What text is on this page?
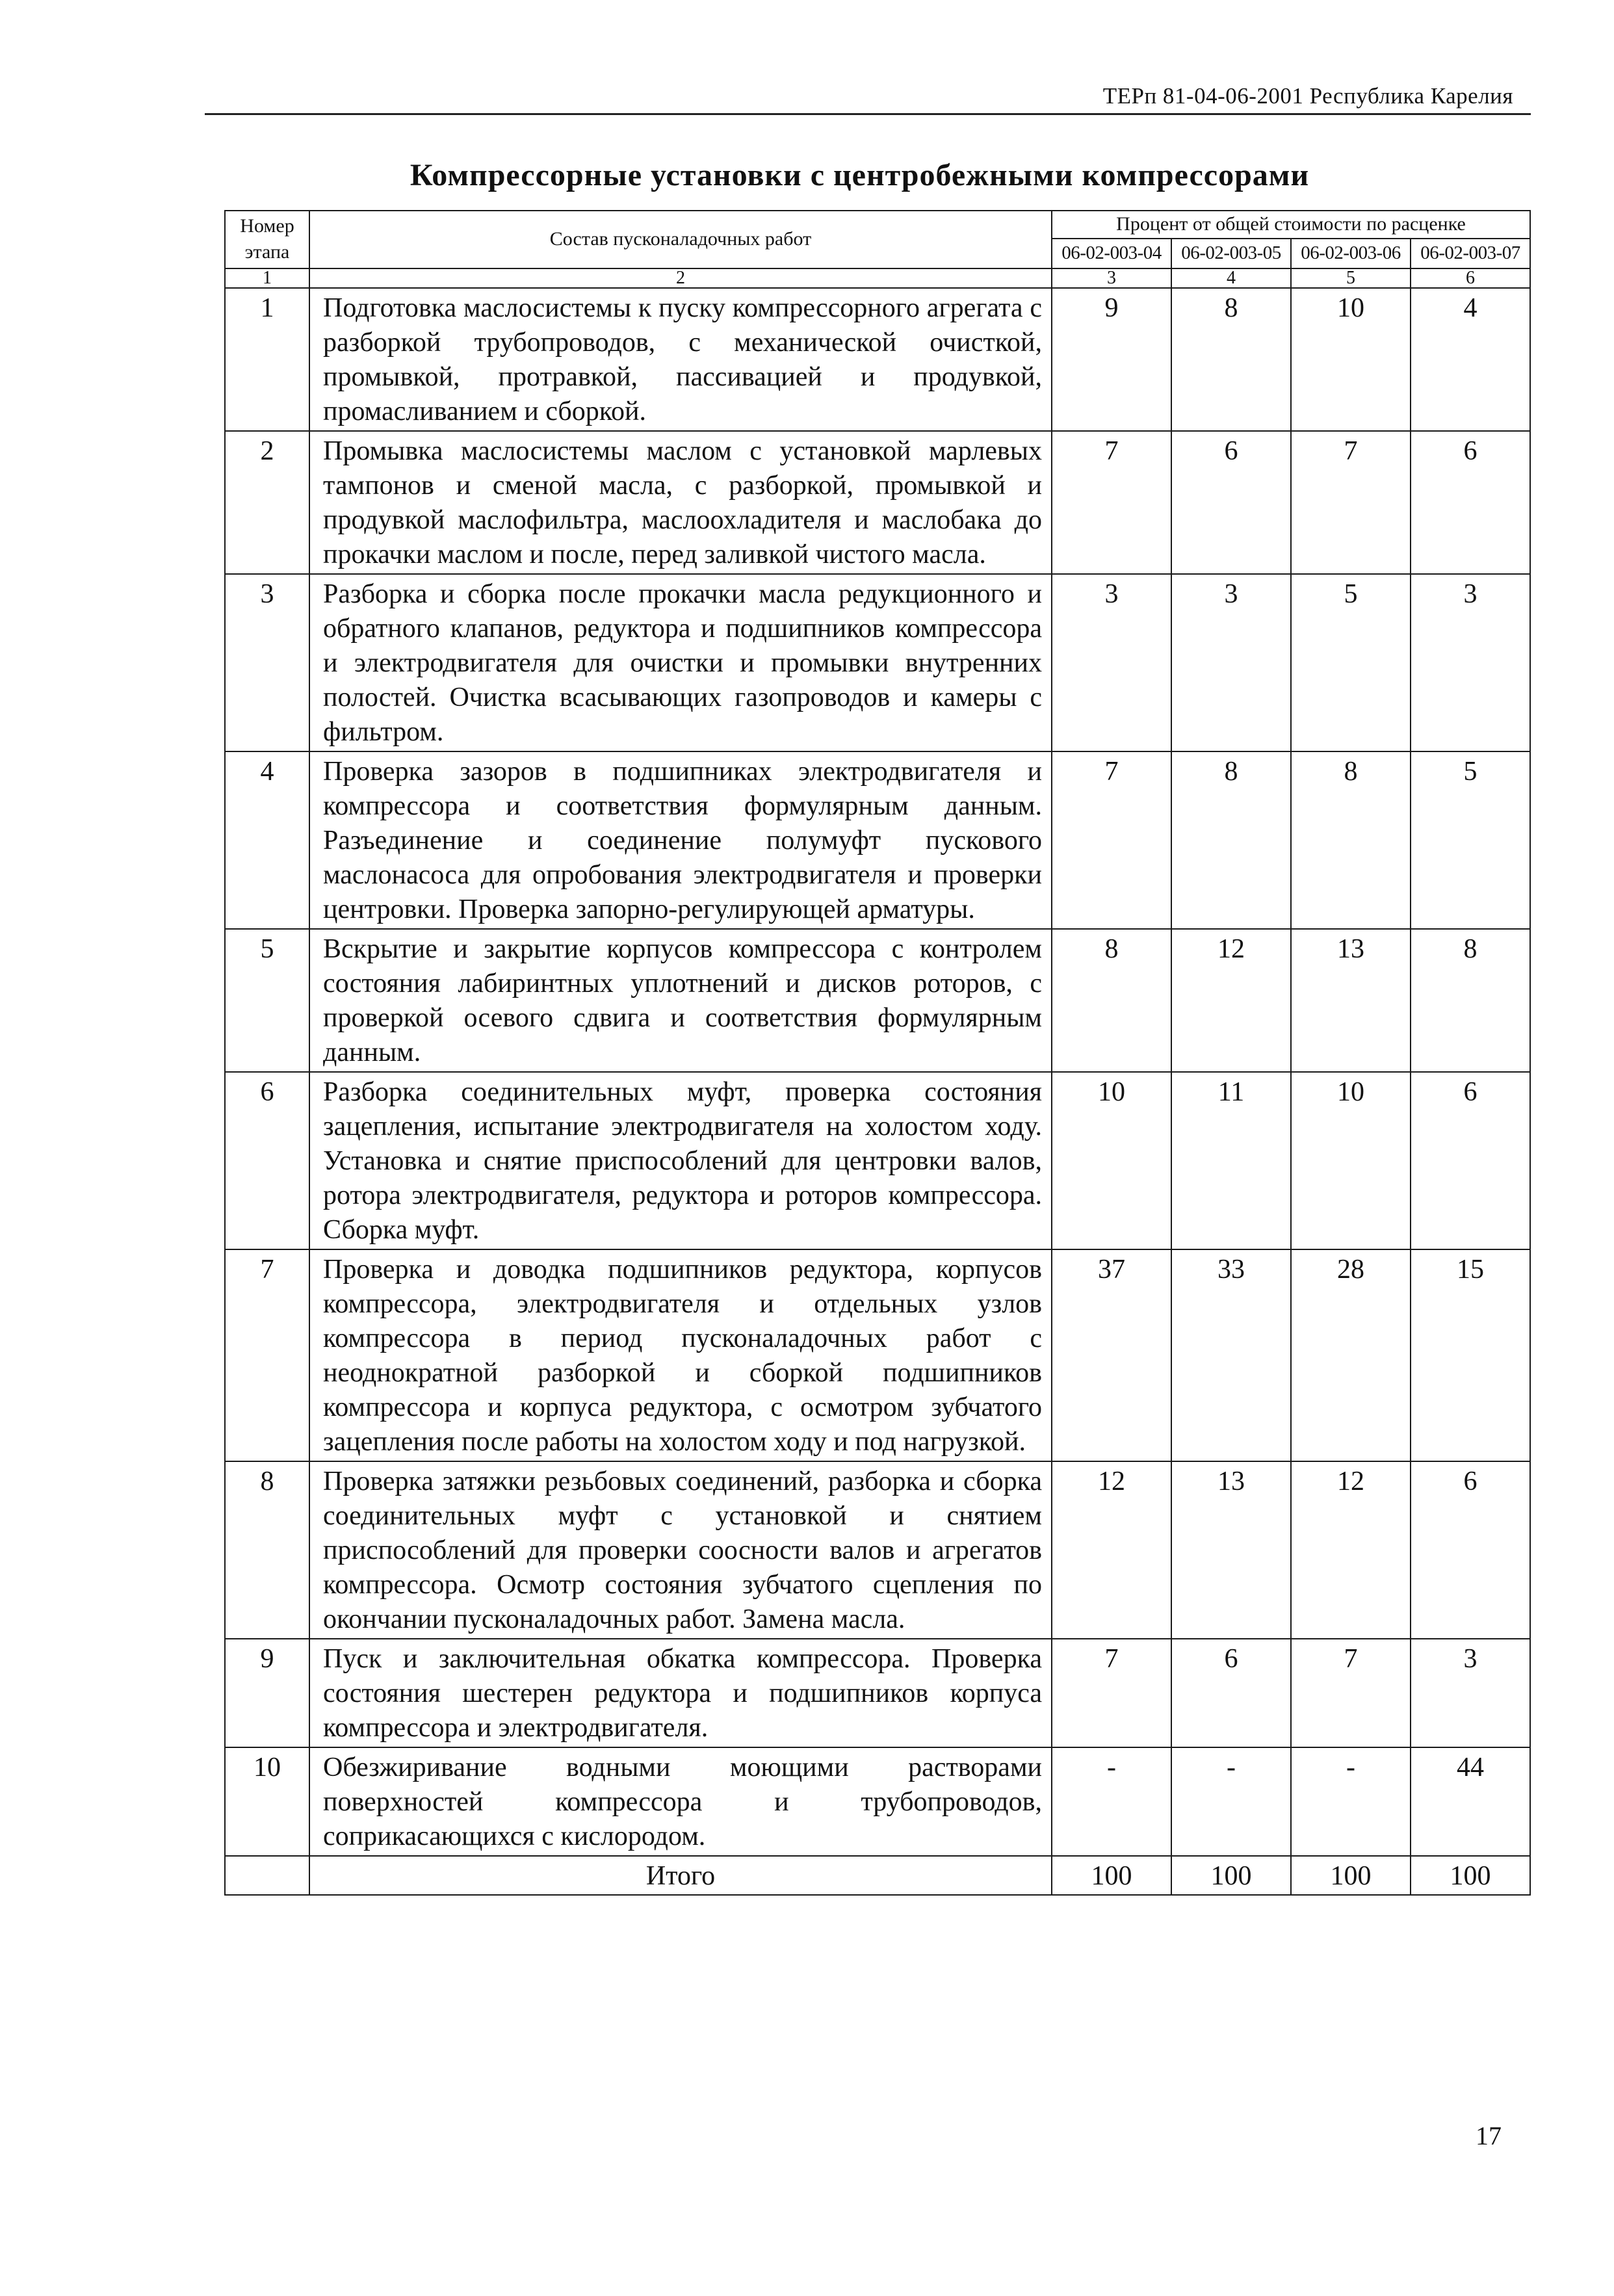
ТЕРп 81-04-06-2001 Республика Карелия
Компрессорные установки с центробежными компрессорами
Номер этапа	Состав пусконаладочных работ	Процент от общей стоимости по расценке			
		06-02-003-04	06-02-003-05	06-02-003-06	06-02-003-07
1	2	3	4	5	6
1	Подготовка маслосистемы к пуску компрессорного агрегата с разборкой трубопроводов, с механической очисткой, промывкой, протравкой, пассивацией и продувкой, промасливанием и сборкой.	9	8	10	4
2	Промывка маслосистемы маслом с установкой марлевых тампонов и сменой масла, с разборкой, промывкой и продувкой маслофильтра, маслоохладителя и маслобака до прокачки маслом и после, перед заливкой чистого масла.	7	6	7	6
3	Разборка и сборка после прокачки масла редукционного и обратного клапанов, редуктора и подшипников компрессора и электродвигателя для очистки и промывки внутренних полостей. Очистка всасывающих газопроводов и камеры с фильтром.	3	3	5	3
4	Проверка зазоров в подшипниках электродвигателя и компрессора и соответствия формулярным данным. Разъединение и соединение полумуфт пускового маслонасоса для опробования электродвигателя и проверки центровки. Проверка запорно-регулирующей арматуры.	7	8	8	5
5	Вскрытие и закрытие корпусов компрессора с контролем состояния лабиринтных уплотнений и дисков роторов, с проверкой осевого сдвига и соответствия формулярным данным.	8	12	13	8
6	Разборка соединительных муфт, проверка состояния зацепления, испытание электродвигателя на холостом ходу. Установка и снятие приспособлений для центровки валов, ротора электродвигателя, редуктора и роторов компрессора. Сборка муфт.	10	11	10	6
7	Проверка и доводка подшипников редуктора, корпусов компрессора, электродвигателя и отдельных узлов компрессора в период пусконаладочных работ с неоднократной разборкой и сборкой подшипников компрессора и корпуса редуктора, с осмотром зубчатого зацепления после работы на холостом ходу и под нагрузкой.	37	33	28	15
8	Проверка затяжки резьбовых соединений, разборка и сборка соединительных муфт с установкой и снятием приспособлений для проверки соосности валов и агрегатов компрессора. Осмотр состояния зубчатого сцепления по окончании пусконаладочных работ. Замена масла.	12	13	12	6
9	Пуск и заключительная обкатка компрессора. Проверка состояния шестерен редуктора и подшипников корпуса компрессора и электродвигателя.	7	6	7	3
10	Обезжиривание водными моющими растворами поверхностей компрессора и трубопроводов, соприкасающихся с кислородом.	-	-	-	44
	Итого	100	100	100	100
17
